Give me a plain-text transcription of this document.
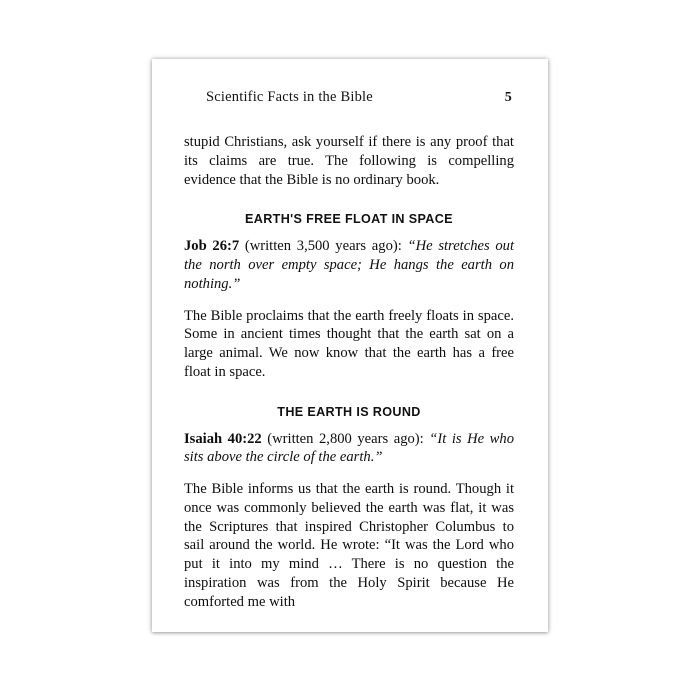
Scientific Facts in the Bible	5

stupid Christians, ask yourself if there is any proof that its claims are true. The following is compelling evidence that the Bible is no ordinary book.

EARTH'S FREE FLOAT IN SPACE

Job 26:7 (written 3,500 years ago): “He stretches out the north over empty space; He hangs the earth on nothing.”

The Bible proclaims that the earth freely floats in space. Some in ancient times thought that the earth sat on a large animal. We now know that the earth has a free float in space.

THE EARTH IS ROUND

Isaiah 40:22 (written 2,800 years ago): “It is He who sits above the circle of the earth.”

The Bible informs us that the earth is round. Though it once was commonly believed the earth was flat, it was the Scriptures that inspired Christopher Columbus to sail around the world. He wrote: “It was the Lord who put it into my mind … There is no question the inspiration was from the Holy Spirit because He comforted me with
